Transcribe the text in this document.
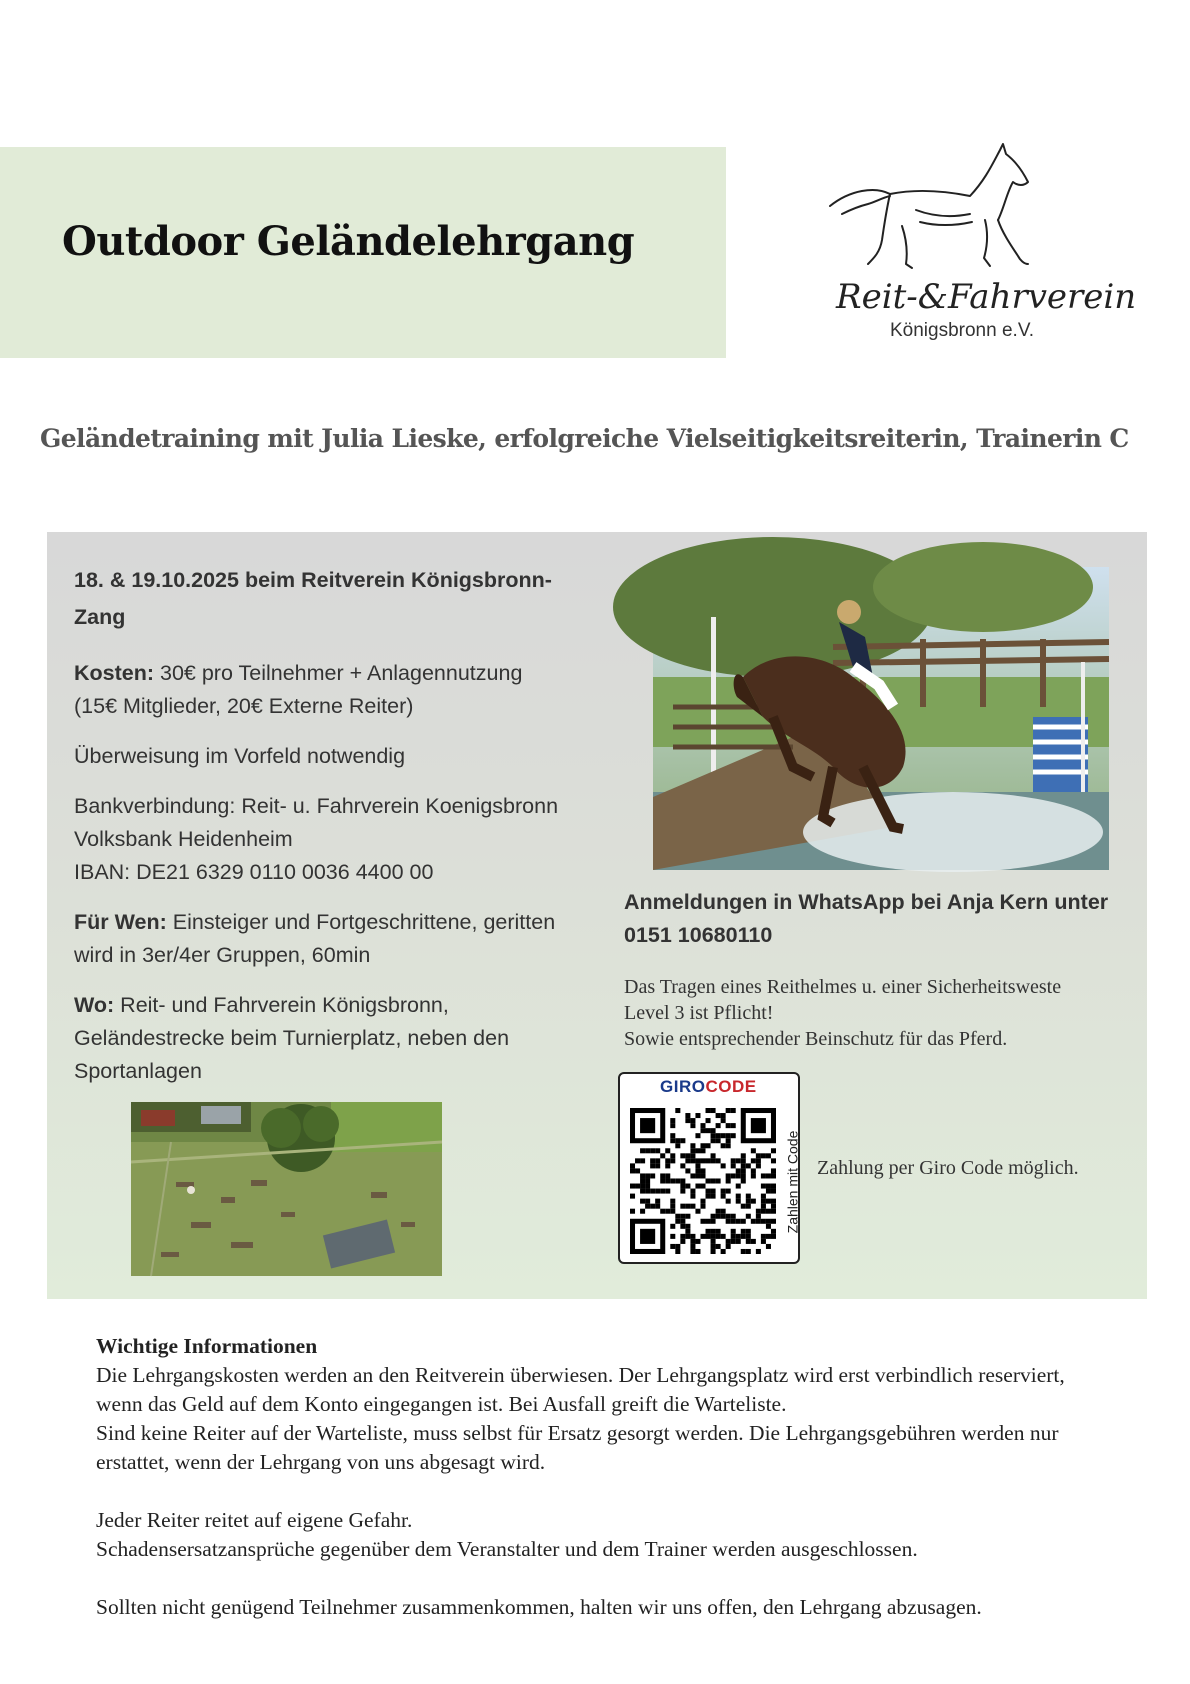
Outdoor Geländelehrgang
Reit-&Fahrverein
Königsbronn e.V.
Geländetraining mit Julia Lieske, erfolgreiche Vielseitigkeitsreiterin, Trainerin C

18. & 19.10.2025 beim Reitverein Königsbronn-Zang

Kosten: 30€ pro Teilnehmer + Anlagennutzung

(15€ Mitglieder, 20€ Externe Reiter)

Überweisung im Vorfeld notwendig

Bankverbindung: Reit- u. Fahrverein Koenigsbronn

Volksbank Heidenheim

IBAN: DE21 6329 0110 0036 4400 00

Für Wen: Einsteiger und Fortgeschrittene, geritten wird in 3er/4er Gruppen, 60min

Wo: Reit- und Fahrverein Königsbronn, Geländestrecke beim Turnierplatz, neben den Sportanlagen

Anmeldungen in WhatsApp bei Anja Kern unter 0151 10680110

Das Tragen eines Reithelmes u. einer Sicherheitsweste

Level 3 ist Pflicht!

Sowie entsprechender Beinschutz für das Pferd.

GIROCODE
Zahlen mit Code Zahlung per Giro Code möglich.

Wichtige Informationen

Die Lehrgangskosten werden an den Reitverein überwiesen. Der Lehrgangsplatz wird erst verbindlich reserviert, wenn das Geld auf dem Konto eingegangen ist. Bei Ausfall greift die Warteliste.

Sind keine Reiter auf der Warteliste, muss selbst für Ersatz gesorgt werden. Die Lehrgangsgebühren werden nur erstattet, wenn der Lehrgang von uns abgesagt wird.

Jeder Reiter reitet auf eigene Gefahr.

Schadensersatzansprüche gegenüber dem Veranstalter und dem Trainer werden ausgeschlossen.

Sollten nicht genügend Teilnehmer zusammenkommen, halten wir uns offen, den Lehrgang abzusagen.
